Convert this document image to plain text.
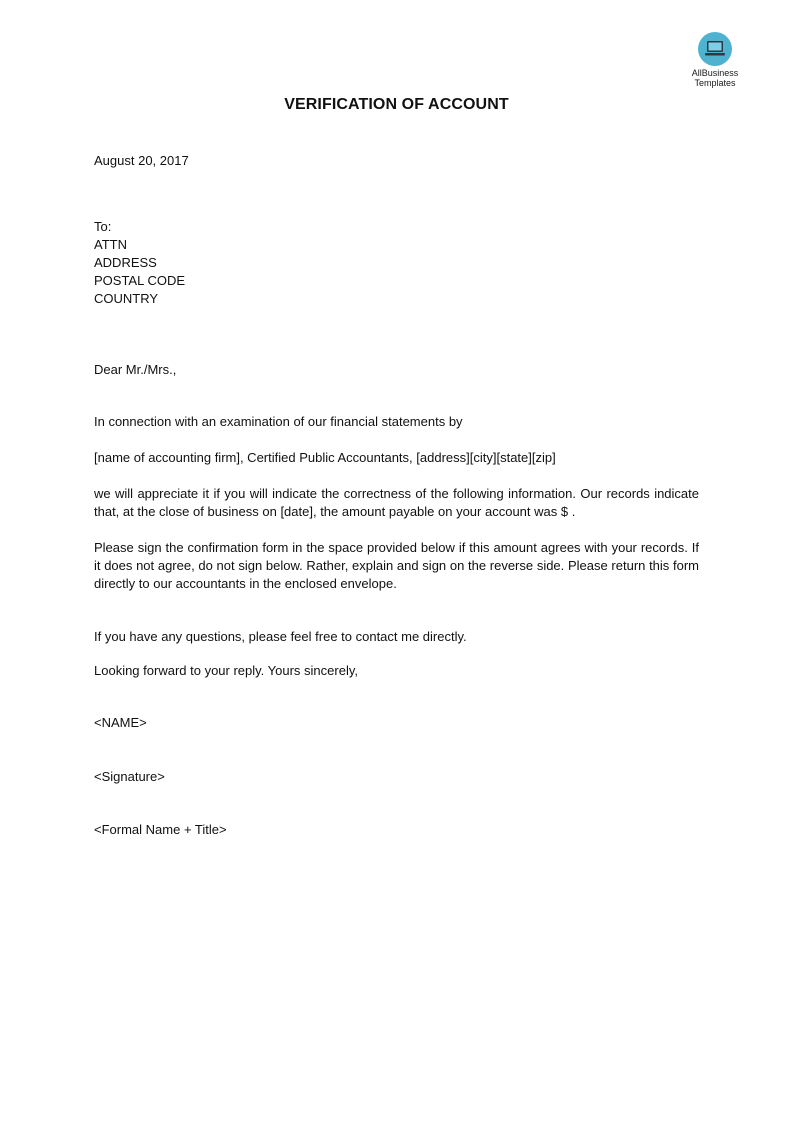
AllBusiness
Templates
VERIFICATION OF ACCOUNT
August 20, 2017
To:
ATTN
ADDRESS
POSTAL CODE
COUNTRY
Dear Mr./Mrs.,
In connection with an examination of our financial statements by
[name of accounting firm], Certified Public Accountants, [address][city][state][zip]
we will appreciate it if you will indicate the correctness of the following information. Our records indicate that, at the close of business on [date], the amount payable on your account was $ .
Please sign the confirmation form in the space provided below if this amount agrees with your records. If it does not agree, do not sign below. Rather, explain and sign on the reverse side. Please return this form directly to our accountants in the enclosed envelope.
If you have any questions, please feel free to contact me directly.
Looking forward to your reply. Yours sincerely,
<NAME>
<Signature>
<Formal Name + Title>
